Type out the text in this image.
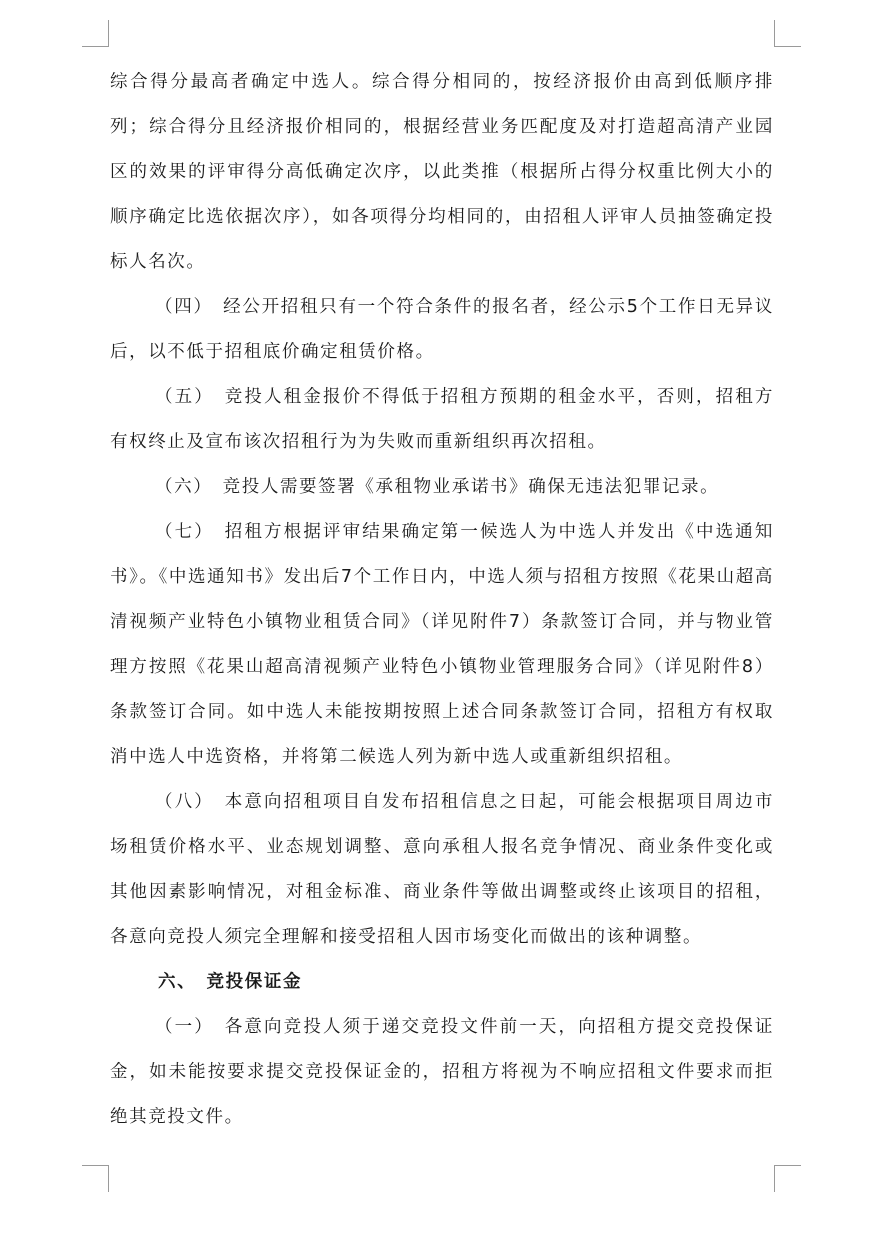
综合得分最高者确定中选人。综合得分相同的，按经济报价由高到低顺序排列；综合得分且经济报价相同的，根据经营业务匹配度及对打造超高清产业园区的效果的评审得分高低确定次序，以此类推（根据所占得分权重比例大小的顺序确定比选依据次序），如各项得分均相同的，由招租人评审人员抽签确定投标人名次。

（四）　经公开招租只有一个符合条件的报名者，经公示5个工作日无异议后，以不低于招租底价确定租赁价格。

（五）　竞投人租金报价不得低于招租方预期的租金水平，否则，招租方有权终止及宣布该次招租行为为失败而重新组织再次招租。

（六）　竞投人需要签署《承租物业承诺书》确保无违法犯罪记录。

（七）　招租方根据评审结果确定第一候选人为中选人并发出《中选通知书》。《中选通知书》发出后7个工作日内，中选人须与招租方按照《花果山超高清视频产业特色小镇物业租赁合同》（详见附件7）条款签订合同，并与物业管理方按照《花果山超高清视频产业特色小镇物业管理服务合同》（详见附件8）条款签订合同。如中选人未能按期按照上述合同条款签订合同，招租方有权取消中选人中选资格，并将第二候选人列为新中选人或重新组织招租。

（八）　本意向招租项目自发布招租信息之日起，可能会根据项目周边市场租赁价格水平、业态规划调整、意向承租人报名竞争情况、商业条件变化或其他因素影响情况，对租金标准、商业条件等做出调整或终止该项目的招租，各意向竞投人须完全理解和接受招租人因市场变化而做出的该种调整。

六、　竞投保证金

（一）　各意向竞投人须于递交竞投文件前一天，向招租方提交竞投保证金，如未能按要求提交竞投保证金的，招租方将视为不响应招租文件要求而拒绝其竞投文件。
